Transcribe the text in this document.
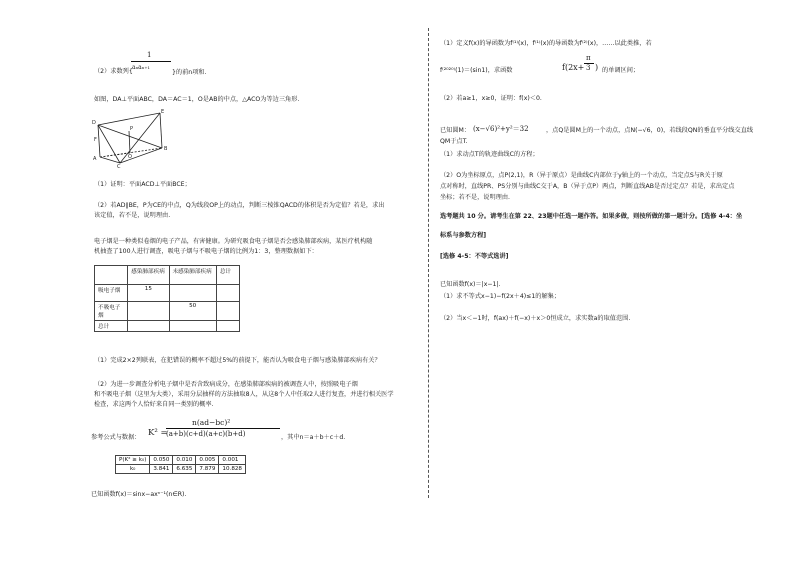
1
（2）求数列{
aₙaₙ₊₁
}的前n项和.
如图，DA⊥平面ABC，DA＝AC＝1，O是AB的中点，△ACO为等边三角形.
D
E
P
F
A	O
B
C
（1）证明：平面ACD⊥平面BCE；
（2）若AD∥BE，P为CE的中点，Q为线段OP上的动点，判断三棱锥QACD的体积是否为定值？若是，求出
该定值，若不是，说明理由.
电子烟是一种类似卷烟的电子产品，有害健康。为研究吸食电子烟是否会感染肺部疾病，某医疗机构随
机抽查了100人进行调查，吸电子烟与不吸电子烟的比例为1：3，整理数据如下：
	感染肺部疾病	未感染肺部疾病	总计
吸电子烟	15		
不吸电子烟		50	
总计			
（1）完成2×2列联表，在犯错误的概率不超过5%的前提下，能否认为吸食电子烟与感染肺部疾病有关？
（2）为进一步调查分析电子烟中是否含致病成分，在感染肺部疾病的被调查人中，按照吸电子烟
和不吸电子烟（这里为大类），采用分层抽样的方法抽取8人，从这8个人中任取2人进行复查，并进行相关医学
检查，求这两个人恰好来自同一类别的概率.
参考公式与数据： K² =
n(ad−bc)²
(a+b)(c+d)(a+c)(b+d)	，其中n＝a＋b＋c＋d.
P(K² ≥ k₀)	0.050	0.010	0.005	0.001
k₀	3.841	6.635	7.879	10.828
已知函数f(x)＝sinx−axⁿ⁻¹(n∈R).
（1）定义f(x)的导函数为f⁽¹⁾(x)，f⁽¹⁾(x)的导函数为f⁽²⁾(x)，……以此类推，若
f⁽²⁰²⁰⁾(1)＝(sin1)，求函数	f(2x+
π
3 ) 的单调区间；
（2）若a≥1，x≥0，证明：f(x)＜0.
已知圆M： (x−√6)²+y²＝32	，点Q是圆M上的一个动点，点N(−√6，0)，若线段QN的垂直平分线交直线
QM于点T.
（1）求动点T的轨迹曲线C的方程；
（2）O为坐标原点，点P(2,1)，R（异于原点）是曲线C内部位于y轴上的一个动点，当定点S与R关于原
点对称时，直线PR、PS分别与曲线C交于A，B（异于点P）两点，判断直线AB是否过定点？若是，求出定点
坐标；若不是，说明理由.
选考题共 10 分。请考生在第 22、23题中任选一题作答。如果多做，则按所做的第一题计分。[选修 4-4：坐
标系与参数方程]
[选修 4-5：不等式选讲]
已知函数f(x)＝|x−1|.
（1）求不等式x−1)−f(2x＋4)≤1的解集；
（2）当x＜−1时，f(ax)＋f(−x)＋x＞0恒成立，求实数a的取值范围.
